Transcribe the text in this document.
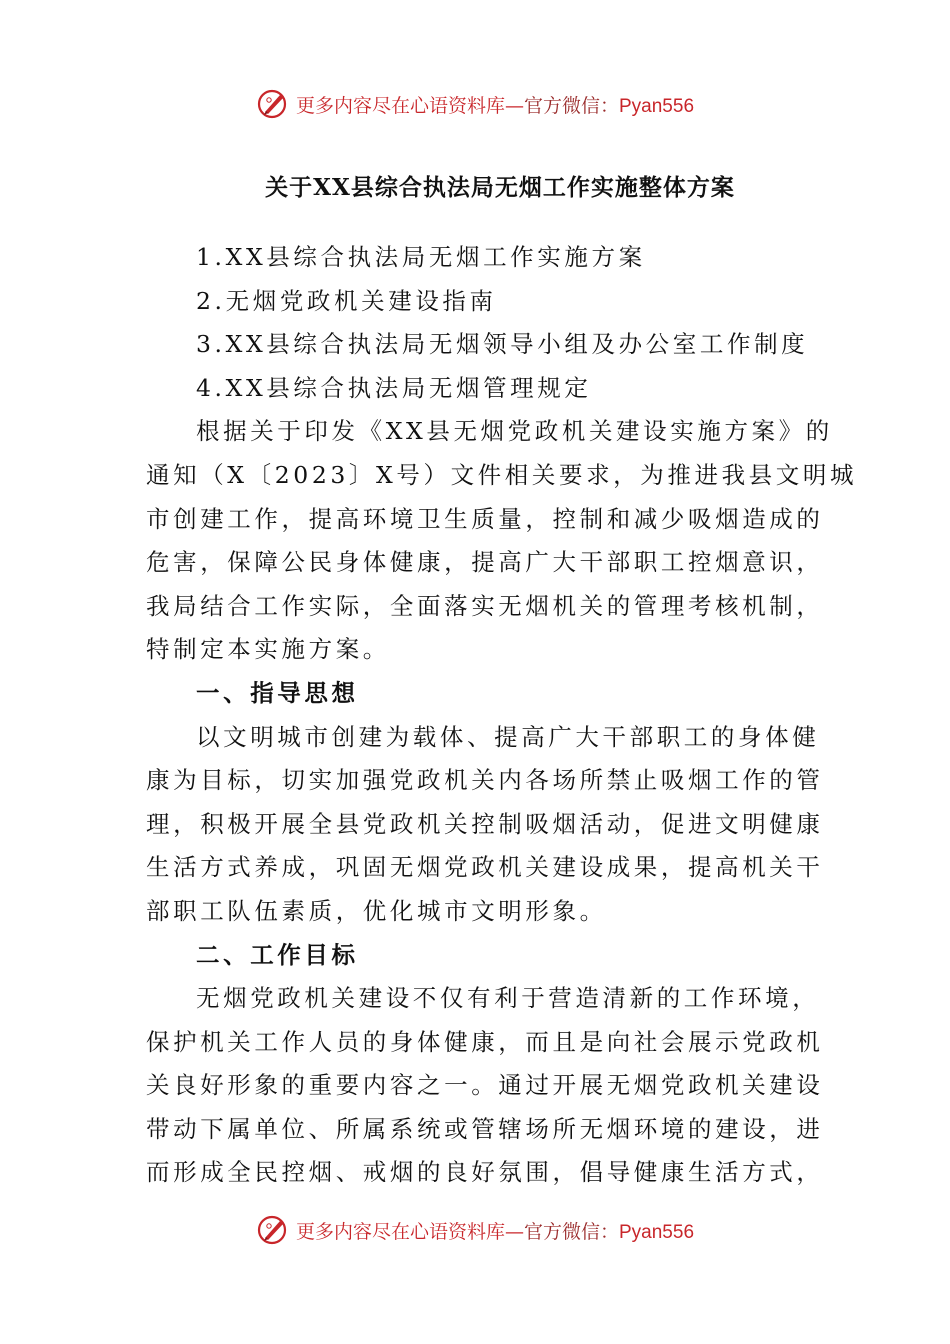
更多内容尽在心语资料库—官方微信：Pyan556
关于XX县综合执法局无烟工作实施整体方案

1.XX县综合执法局无烟工作实施方案

2.无烟党政机关建设指南

3.XX县综合执法局无烟领导小组及办公室工作制度

4.XX县综合执法局无烟管理规定

根据关于印发《XX县无烟党政机关建设实施方案》的

通知（X〔2023〕X号）文件相关要求，为推进我县文明城

市创建工作，提高环境卫生质量，控制和减少吸烟造成的

危害，保障公民身体健康，提高广大干部职工控烟意识，

我局结合工作实际，全面落实无烟机关的管理考核机制，

特制定本实施方案。

一、指导思想

以文明城市创建为载体、提高广大干部职工的身体健

康为目标，切实加强党政机关内各场所禁止吸烟工作的管

理，积极开展全县党政机关控制吸烟活动，促进文明健康

生活方式养成，巩固无烟党政机关建设成果，提高机关干

部职工队伍素质，优化城市文明形象。

二、工作目标

无烟党政机关建设不仅有利于营造清新的工作环境，

保护机关工作人员的身体健康，而且是向社会展示党政机

关良好形象的重要内容之一。通过开展无烟党政机关建设

带动下属单位、所属系统或管辖场所无烟环境的建设，进

而形成全民控烟、戒烟的良好氛围，倡导健康生活方式，

更多内容尽在心语资料库—官方微信：Pyan556
